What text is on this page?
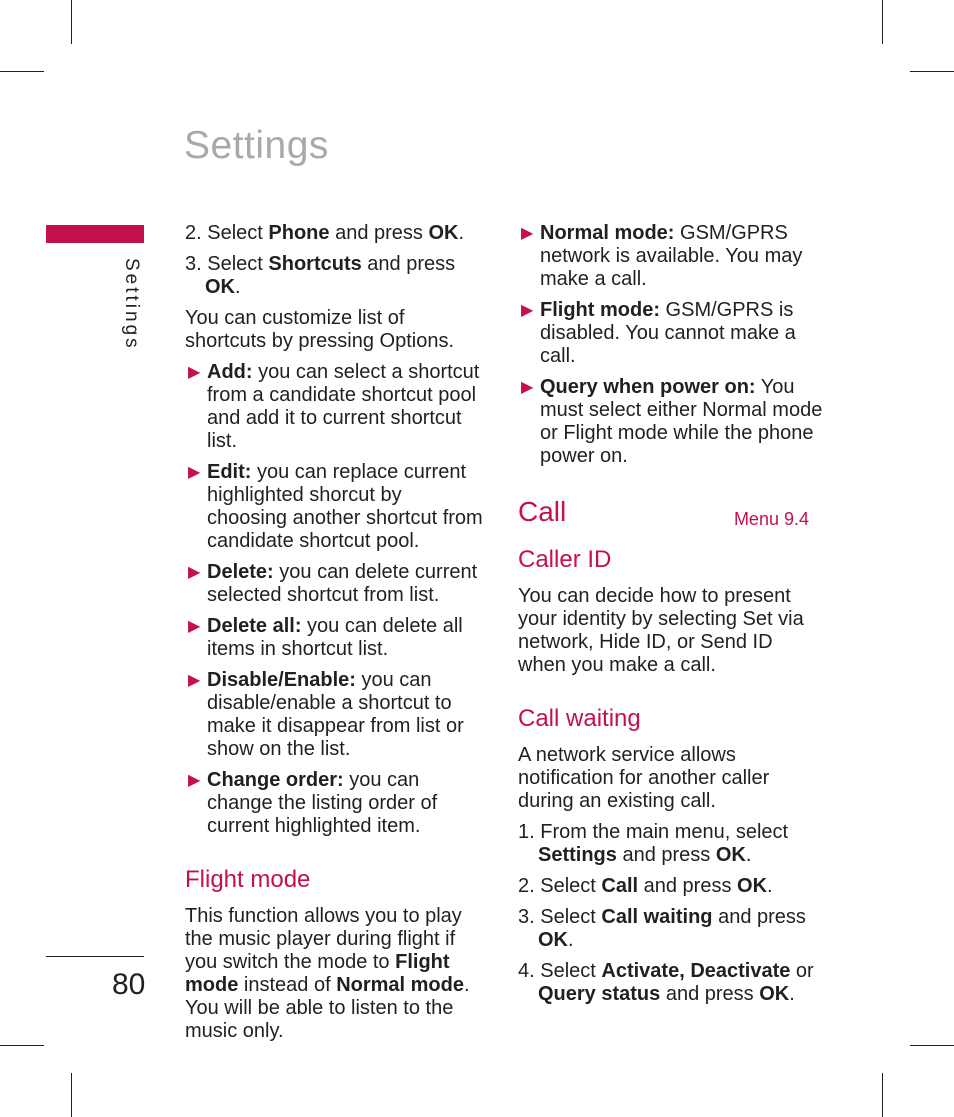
Settings
Settings
80

2. Select Phone and press OK.

3. Select Shortcuts and press OK.

You can customize list of shortcuts by pressing Options.

▶ Add: you can select a shortcut from a candidate shortcut pool and add it to current shortcut list.

▶ Edit: you can replace current highlighted shorcut by choosing another shortcut from candidate shortcut pool.

▶ Delete: you can delete current selected shortcut from list.

▶ Delete all: you can delete all items in shortcut list.

▶ Disable/Enable: you can disable/enable a shortcut to make it disappear from list or show on the list.

▶ Change order: you can change the listing order of current highlighted item.

Flight mode

This function allows you to play the music player during flight if you switch the mode to Flight mode instead of Normal mode. You will be able to listen to the music only.

▶ Normal mode: GSM/GPRS network is available. You may make a call.

▶ Flight mode: GSM/GPRS is disabled. You cannot make a call.

▶ Query when power on: You must select either Normal mode or Flight mode while the phone power on.

Call	Menu 9.4
Caller ID

You can decide how to present your identity by selecting Set via network, Hide ID, or Send ID when you make a call.

Call waiting

A network service allows notification for another caller during an existing call.

1. From the main menu, select Settings and press OK.

2. Select Call and press OK.

3. Select Call waiting and press OK.

4. Select Activate, Deactivate or Query status and press OK.
